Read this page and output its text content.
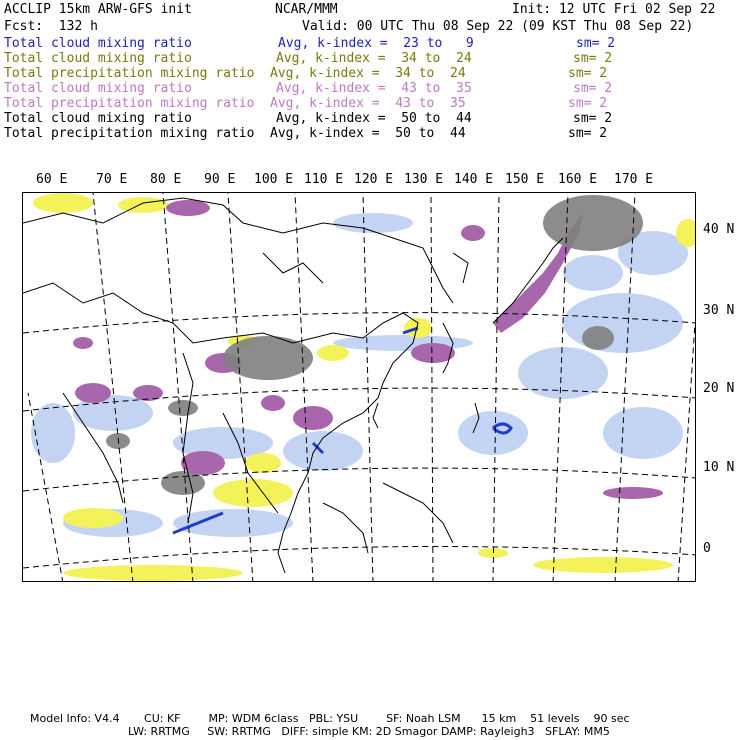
ACCLIP 15km ARW-GFS init	NCAR/MMM	Init: 12 UTC Fri 02 Sep 22
Fcst:  132 h	Valid: 00 UTC Thu 08 Sep 22 (09 KST Thu 08 Sep 22)
Total cloud mixing ratio	Avg, k-index =  23 to   9	sm= 2
Total cloud mixing ratio	Avg, k-index =  34 to  24	sm= 2
Total precipitation mixing ratio Avg, k-index =  34 to  24	sm= 2
Total cloud mixing ratio	Avg, k-index =  43 to  35	sm= 2
Total precipitation mixing ratio Avg, k-index =  43 to  35	sm= 2
Total cloud mixing ratio	Avg, k-index =  50 to  44	sm= 2
Total precipitation mixing ratio Avg, k-index =  50 to  44	sm= 2
60 E 70 E 80 E 90 E 100 E 110 E 120 E 130 E 140 E 150 E 160 E 170 E
40 N
30 N
20 N
10 N
0
Model Info: V4.4       CU: KF        MP: WDM 6class   PBL: YSU        SF: Noah LSM      15 km    51 levels    90 sec
LW: RRTMG     SW: RRTMG   DIFF: simple KM: 2D Smagor DAMP: Rayleigh3   SFLAY: MM5
